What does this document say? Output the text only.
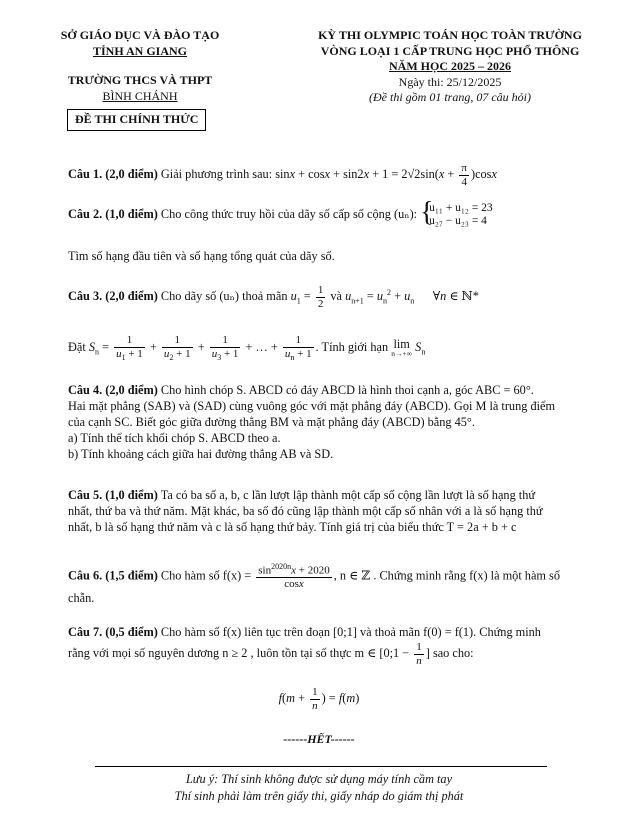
SỞ GIÁO DỤC VÀ ĐÀO TẠO
TỈNH AN GIANG
TRƯỜNG THCS VÀ THPT
BÌNH CHÁNH
KỲ THI OLYMPIC TOÁN HỌC TOÀN TRƯỜNG
VÒNG LOẠI 1 CẤP TRUNG HỌC PHỔ THÔNG
NĂM HỌC 2025 – 2026
Ngày thi: 25/12/2025
(Đề thi gồm 01 trang, 07 câu hỏi)
ĐỀ THI CHÍNH THỨC
Câu 1. (2,0 điểm) Giải phương trình sau: $\sin x + \cos x + \sin 2x + 1 = 2√2\sin(x + \frac{\pi}{4} )\cos x$
Câu 2. (1,0 điểm) Cho công thức truy hồi của dãy số cấp số cộng (uₙ):
{ u₁₁ + u₁₂ = 23
u₂₇ − u₂₃ = 4
Tìm số hạng đầu tiên và số hạng tổng quát của dãy số.
Câu 3. (2,0 điểm) Cho dãy số (uₙ) thoả mãn $u_1 = \frac{1}{2}$ và $u_{n+1} = u_n^2 + u_n$      ∀n ∈ ℕ*
Đặt $S_n = \frac{1}{u_1 + 1} + \frac{1}{u_2 + 1} + \frac{1}{u_3 + 1}$ + … + $\frac{1}{u_n + 1}$ . Tính giới hạn lim
n→+∞
$S_n$
Câu 4. (2,0 điểm) Cho hình chóp S. ABCD có đáy ABCD là hình thoi cạnh a, góc ABC = 60°.
Hai mặt phẳng (SAB) và (SAD) cùng vuông góc với mặt phẳng đáy (ABCD). Gọi M là trung điểm
của cạnh SC. Biết góc giữa đường thẳng BM và mặt phẳng đáy (ABCD) bằng 45°.
a) Tính thể tích khối chóp S. ABCD theo a.
b) Tính khoảng cách giữa hai đường thẳng AB và SD.
Câu 5. (1,0 điểm) Ta có ba số a, b, c lần lượt lập thành một cấp số cộng lần lượt là số hạng thứ
nhất, thứ ba và thứ năm. Mặt khác, ba số đó cũng lập thành một cấp số nhân với a là số hạng thứ
nhất, b là số hạng thứ năm và c là số hạng thứ bảy. Tính giá trị của biểu thức T = 2a + b + c
Câu 6. (1,5 điểm) Cho hàm số $f(x) = \frac{\sin^{2020n}x + 2020}{\cos x}$ , n ∈ ℤ . Chứng minh rằng f(x) là một hàm số
chẵn.
Câu 7. (0,5 điểm) Cho hàm số f(x) liên tục trên đoạn [0;1] và thoả mãn f(0) = f(1). Chứng minh
rằng với mọi số nguyên dương n ≥ 2 , luôn tồn tại số thực m ∈ [0;1 − $\frac{1}{n}$ ] sao cho:
$f(m + \frac{1}{n}$ ) = f(m)
------HẾT------
Lưu ý: Thí sinh không được sử dụng máy tính cầm tay
Thí sinh phải làm trên giấy thi, giấy nháp do giám thị phát
